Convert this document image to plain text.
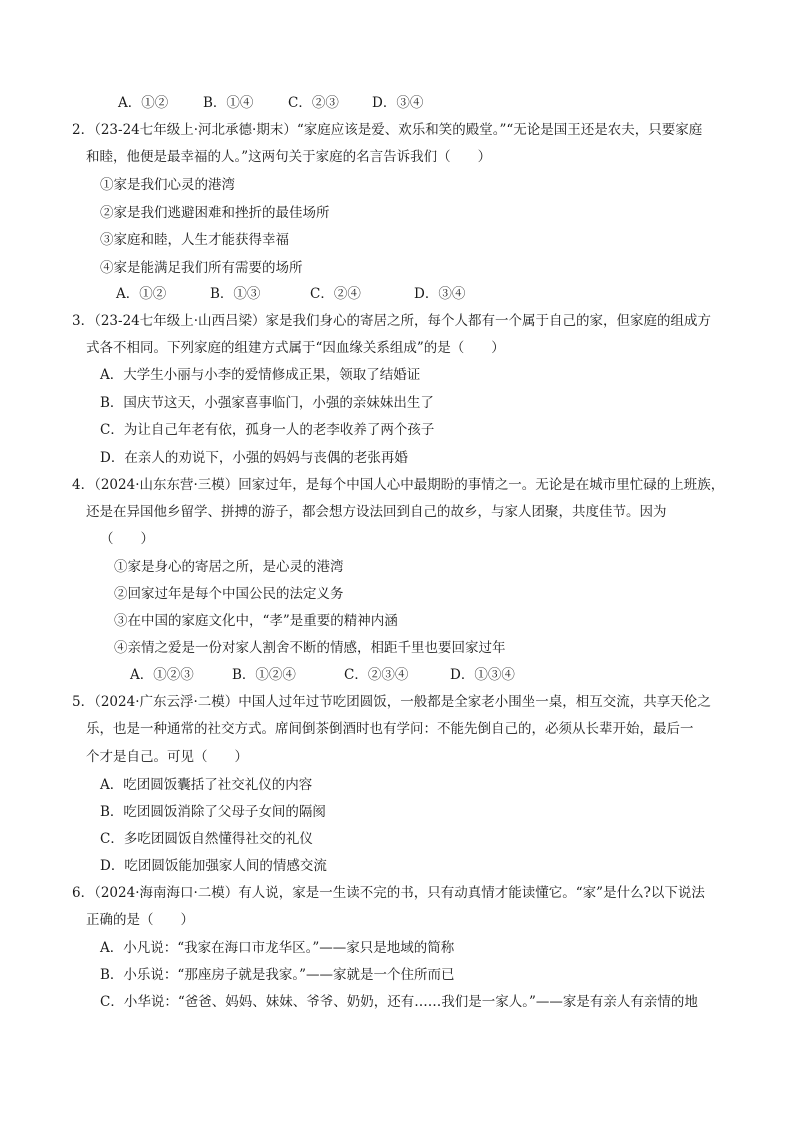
A．①②	B．①④	C．②③ D．③④
2．（23-24七年级上·河北承德·期末）“家庭应该是爱、欢乐和笑的殿堂。”“无论是国王还是农夫，只要家庭
和睦，他便是最幸福的人。”这两句关于家庭的名言告诉我们（　　）
①家是我们心灵的港湾
②家是我们逃避困难和挫折的最佳场所
③家庭和睦，人生才能获得幸福
④家是能满足我们所有需要的场所
A．①②	B．①③	C．②④	D．③④
3．（23-24七年级上·山西吕梁）家是我们身心的寄居之所，每个人都有一个属于自己的家，但家庭的组成方
式各不相同。下列家庭的组建方式属于“因血缘关系组成”的是（　　）
A．大学生小丽与小李的爱情修成正果，领取了结婚证
B．国庆节这天，小强家喜事临门，小强的亲妹妹出生了
C．为让自己年老有依，孤身一人的老李收养了两个孩子
D．在亲人的劝说下，小强的妈妈与丧偶的老张再婚
4．（2024·山东东营·三模）回家过年，是每个中国人心中最期盼的事情之一。无论是在城市里忙碌的上班族，
还是在异国他乡留学、拼搏的游子，都会想方设法回到自己的故乡，与家人团聚，共度佳节。因为
（　　）
①家是身心的寄居之所，是心灵的港湾
②回家过年是每个中国公民的法定义务
③在中国的家庭文化中，“孝”是重要的精神内涵
④亲情之爱是一份对家人割舍不断的情感，相距千里也要回家过年
A．①②③	B．①②④	C．②③④	D．①③④
5．（2024·广东云浮·二模）中国人过年过节吃团圆饭，一般都是全家老小围坐一桌，相互交流，共享天伦之
乐，也是一种通常的社交方式。席间倒茶倒酒时也有学问：不能先倒自己的，必须从长辈开始，最后一
个才是自己。可见（　　）
A．吃团圆饭囊括了社交礼仪的内容
B．吃团圆饭消除了父母子女间的隔阂
C．多吃团圆饭自然懂得社交的礼仪
D．吃团圆饭能加强家人间的情感交流
6．（2024·海南海口·二模）有人说，家是一生读不完的书，只有动真情才能读懂它。“家”是什么?以下说法
正确的是（　　）
A．小凡说：“我家在海口市龙华区。”——家只是地域的简称
B．小乐说：“那座房子就是我家。”——家就是一个住所而已
C．小华说：“爸爸、妈妈、妹妹、爷爷、奶奶，还有……我们是一家人。”——家是有亲人有亲情的地
